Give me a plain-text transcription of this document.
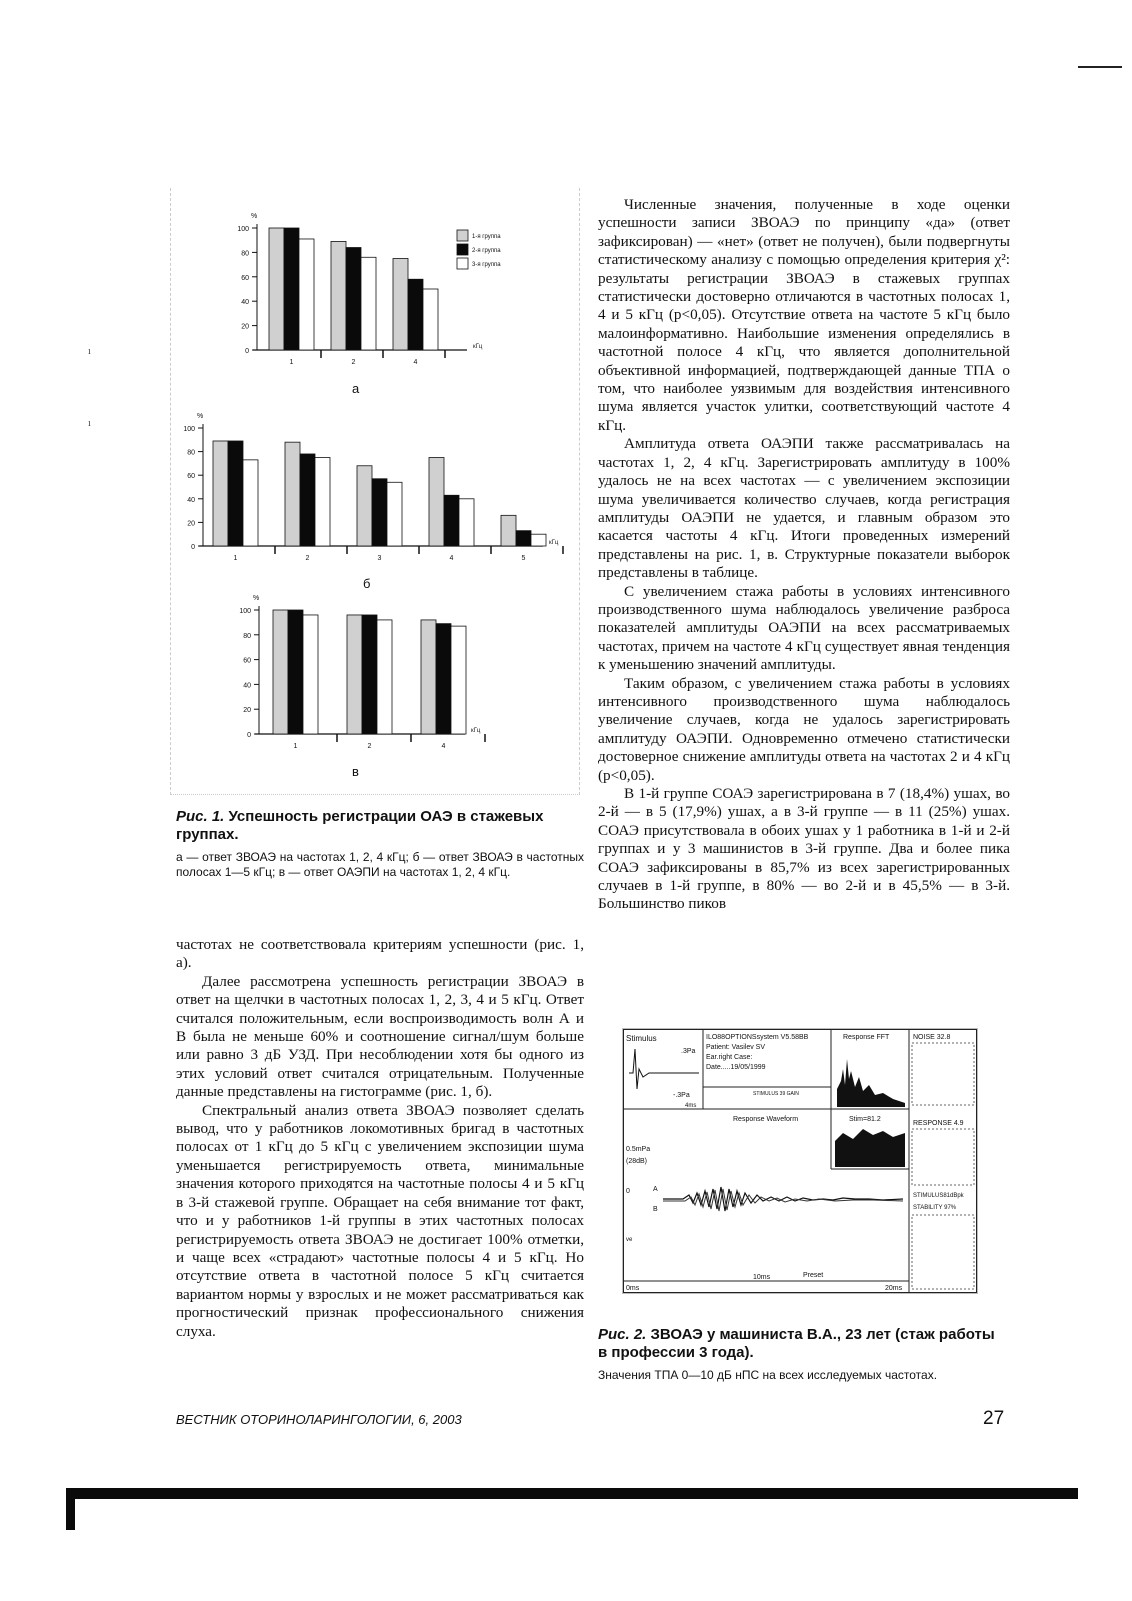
ı
ı
0
20
40
60
80
100
%
кГц
1	2	4
а
1-я группа
2-я группа
3-я группа
0
20
40
60
80
100
%
кГц
1	2	3	4	5
б
0
20
40
60
80
100
%
кГц
1	2	4
в
Рис. 1. Успешность регистрации ОАЭ в стажевых группах.
а — ответ ЗВОАЭ на частотах 1, 2, 4 кГц; б — ответ ЗВОАЭ в частотных полосах 1—5 кГц; в — ответ ОАЭПИ на частотах 1, 2, 4 кГц.

частотах не соответствовала критериям успешности (рис. 1, а).

Далее рассмотрена успешность регистрации ЗВОАЭ в ответ на щелчки в частотных полосах 1, 2, 3, 4 и 5 кГц. Ответ считался положительным, если воспроизводимость волн А и В была не меньше 60% и соотношение сигнал/шум больше или равно 3 дБ УЗД. При несоблюдении хотя бы одного из этих условий ответ считался отрицательным. Полученные данные представлены на гистограмме (рис. 1, б).

Спектральный анализ ответа ЗВОАЭ позволяет сделать вывод, что у работников локомотивных бригад в частотных полосах от 1 кГц до 5 кГц с увеличением экспозиции шума уменьшается регистрируемость ответа, минимальные значения которого приходятся на частотные полосы 4 и 5 кГц в 3-й стажевой группе. Обращает на себя внимание тот факт, что и у работников 1-й группы в этих частотных полосах регистрируемость ответа ЗВОАЭ не достигает 100% отметки, и чаще всех «страдают» частотные полосы 4 и 5 кГц. Но отсутствие ответа в частотной полосе 5 кГц считается вариантом нормы у взрослых и не может рассматриваться как прогностический признак профессионального снижения слуха.

Численные значения, полученные в ходе оценки успешности записи ЗВОАЭ по принципу «да» (ответ зафиксирован) — «нет» (ответ не получен), были подвергнуты статистическому анализу с помощью определения критерия χ²: результаты регистрации ЗВОАЭ в стажевых группах статистически достоверно отличаются в частотных полосах 1, 4 и 5 кГц (p<0,05). Отсутствие ответа на частоте 5 кГц было малоинформативно. Наибольшие изменения определялись в частотной полосе 4 кГц, что является дополнительной объективной информацией, подтверждающей данные ТПА о том, что наиболее уязвимым для воздействия интенсивного шума является участок улитки, соответствующий частоте 4 кГц.

Амплитуда ответа ОАЭПИ также рассматривалась на частотах 1, 2, 4 кГц. Зарегистрировать амплитуду в 100% удалось не на всех частотах — с увеличением экспозиции шума увеличивается количество случаев, когда регистрация амплитуды ОАЭПИ не удается, и главным образом это касается частоты 4 кГц. Итоги проведенных измерений представлены на рис. 1, в. Структурные показатели выборок представлены в таблице.

С увеличением стажа работы в условиях интенсивного производственного шума наблюдалось увеличение разброса показателей амплитуды ОАЭПИ на всех рассматриваемых частотах, причем на частоте 4 кГц существует явная тенденция к уменьшению значений амплитуды.

Таким образом, с увеличением стажа работы в условиях интенсивного производственного шума наблюдалось увеличение случаев, когда не удалось зарегистрировать амплитуду ОАЭПИ. Одновременно отмечено статистически достоверное снижение амплитуды ответа на частотах 2 и 4 кГц (p<0,05).

В 1-й группе СОАЭ зарегистрирована в 7 (18,4%) ушах, во 2-й — в 5 (17,9%) ушах, а в 3-й группе — в 11 (25%) ушах. СОАЭ присутствовала в обоих ушах у 1 работника в 1-й и 2-й группах и у 3 машинистов в 3-й группе. Два и более пика СОАЭ зафиксированы в 85,7% из всех зарегистрированных случаев в 1-й группе, в 80% — во 2-й и в 45,5% — в 3-й. Большинство пиков

Stimulus
.3Pa
-.3Pa
4ms
ILO88OPTIONSsystem V5.58BB
Patient: Vasilev SV
Ear.right Case:
Date.....19/05/1999
STIMULUS 39 GAIN
Response FFT	NOISE 32.8
Response Waveform	Stim=81.2
RESPONSE 4.9
STIMULUS81dBpk
STABILITY 97%
0.5mPa
(28dB)
0	A
B
ve
0ms
10ms	Preset
20ms
Рис. 2. ЗВОАЭ у машиниста В.А., 23 лет (стаж работы в профессии 3 года).
Значения ТПА 0—10 дБ нПС на всех исследуемых частотах.
ВЕСТНИК ОТОРИНОЛАРИНГОЛОГИИ, 6, 2003	27
